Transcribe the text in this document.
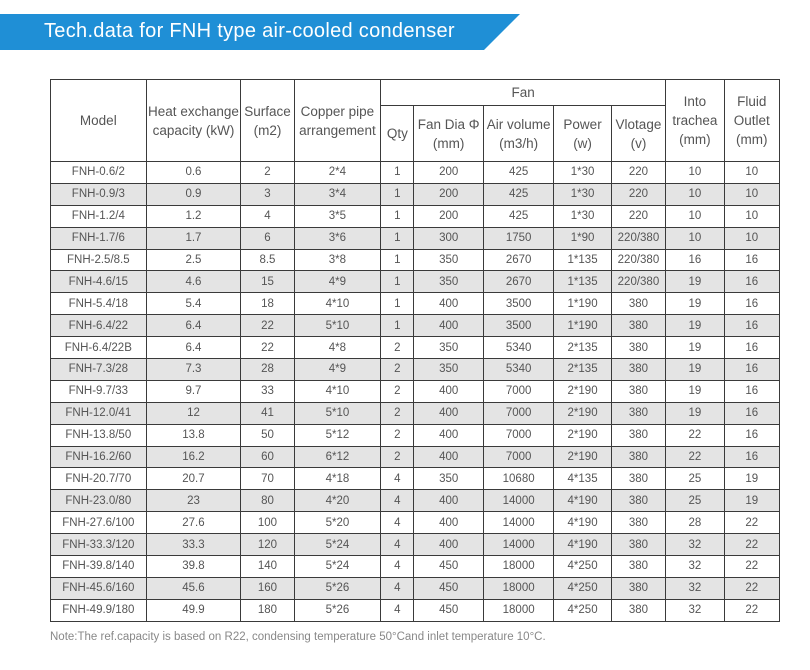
Tech.data for FNH type air-cooled condenser
Model	Heat exchange capacity (kW)	Surface (m2)	Copper pipe arrangement	Fan					Into trachea (mm)	Fluid Outlet (mm)
				Qty	Fan Dia Φ (mm)	Air volume (m3/h)	Power (w)	Vlotage (v)		
FNH-0.6/2	0.6	2	2*4	1	200	425	1*30	220	10	10
FNH-0.9/3	0.9	3	3*4	1	200	425	1*30	220	10	10
FNH-1.2/4	1.2	4	3*5	1	200	425	1*30	220	10	10
FNH-1.7/6	1.7	6	3*6	1	300	1750	1*90	220/380	10	10
FNH-2.5/8.5	2.5	8.5	3*8	1	350	2670	1*135	220/380	16	16
FNH-4.6/15	4.6	15	4*9	1	350	2670	1*135	220/380	19	16
FNH-5.4/18	5.4	18	4*10	1	400	3500	1*190	380	19	16
FNH-6.4/22	6.4	22	5*10	1	400	3500	1*190	380	19	16
FNH-6.4/22B	6.4	22	4*8	2	350	5340	2*135	380	19	16
FNH-7.3/28	7.3	28	4*9	2	350	5340	2*135	380	19	16
FNH-9.7/33	9.7	33	4*10	2	400	7000	2*190	380	19	16
FNH-12.0/41	12	41	5*10	2	400	7000	2*190	380	19	16
FNH-13.8/50	13.8	50	5*12	2	400	7000	2*190	380	22	16
FNH-16.2/60	16.2	60	6*12	2	400	7000	2*190	380	22	16
FNH-20.7/70	20.7	70	4*18	4	350	10680	4*135	380	25	19
FNH-23.0/80	23	80	4*20	4	400	14000	4*190	380	25	19
FNH-27.6/100	27.6	100	5*20	4	400	14000	4*190	380	28	22
FNH-33.3/120	33.3	120	5*24	4	400	14000	4*190	380	32	22
FNH-39.8/140	39.8	140	5*24	4	450	18000	4*250	380	32	22
FNH-45.6/160	45.6	160	5*26	4	450	18000	4*250	380	32	22
FNH-49.9/180	49.9	180	5*26	4	450	18000	4*250	380	32	22
Note:The ref.capacity is based on R22, condensing temperature 50°Cand inlet temperature 10°C.
